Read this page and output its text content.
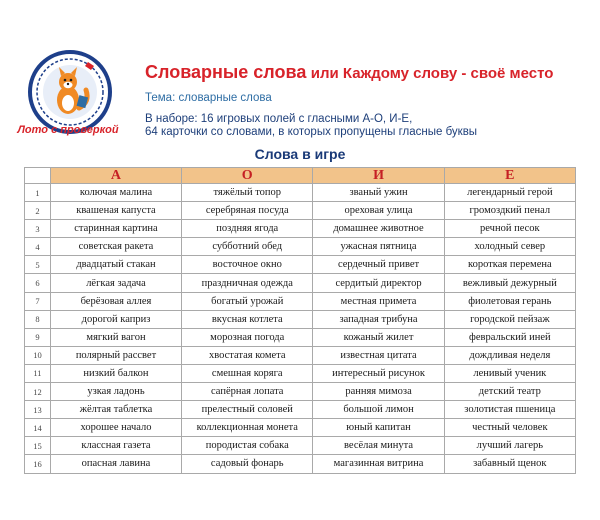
Лото с проверкой
Словарные слова или Каждому слову - своё место
Тема: словарные слова
В наборе: 16 игровых полей с гласными А-О, И-Е,
64 карточки со словами, в которых пропущены гласные буквы
Слова в игре
	А	О	И	Е
1	колючая малина	тяжёлый топор	званый ужин	легендарный герой
2	квашеная капуста	серебряная посуда	ореховая улица	громоздкий пенал
3	старинная картина	поздняя ягода	домашнее животное	речной песок
4	советская ракета	субботний обед	ужасная пятница	холодный север
5	двадцатый стакан	восточное окно	сердечный привет	короткая перемена
6	лёгкая задача	праздничная одежда	сердитый директор	вежливый дежурный
7	берёзовая аллея	богатый урожай	местная примета	фиолетовая герань
8	дорогой каприз	вкусная котлета	западная трибуна	городской пейзаж
9	мягкий вагон	морозная погода	кожаный жилет	февральский иней
10	полярный рассвет	хвостатая комета	известная цитата	дождливая неделя
11	низкий балкон	смешная коряга	интересный рисунок	ленивый ученик
12	узкая ладонь	сапёрная лопата	ранняя мимоза	детский театр
13	жёлтая таблетка	прелестный соловей	большой лимон	золотистая пшеница
14	хорошее начало	коллекционная монета	юный капитан	честный человек
15	классная газета	породистая собака	весёлая минута	лучший лагерь
16	опасная лавина	садовый фонарь	магазинная витрина	забавный щенок
